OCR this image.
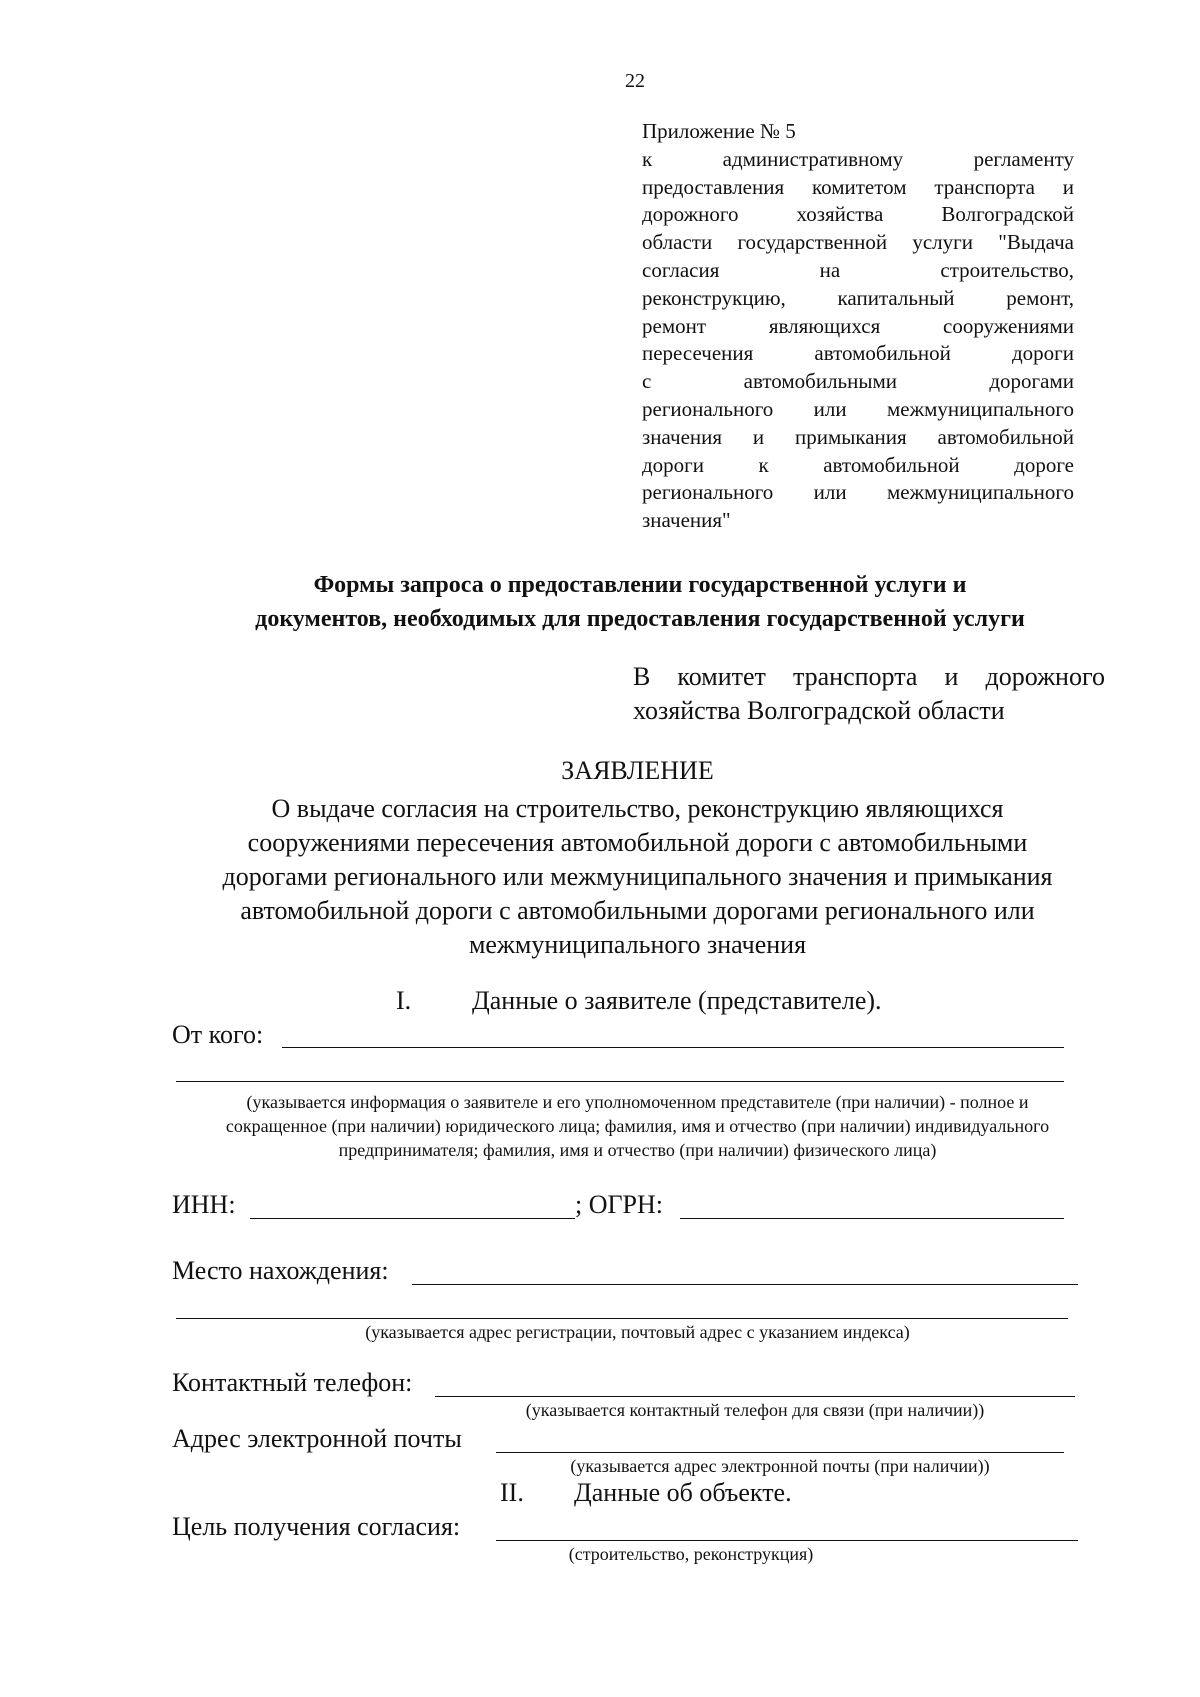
22
Приложение № 5
к административному регламенту
предоставления комитетом транспорта и
дорожного хозяйства Волгоградской
области государственной услуги "Выдача
согласия на строительство,
реконструкцию, капитальный ремонт,
ремонт являющихся сооружениями
пересечения автомобильной дороги
с автомобильными дорогами
регионального или межмуниципального
значения и примыкания автомобильной
дороги к автомобильной дороге
регионального или межмуниципального
значения"
Формы запроса о предоставлении государственной услуги и
документов, необходимых для предоставления государственной услуги
В комитет транспорта и дорожного
хозяйства Волгоградской области
ЗАЯВЛЕНИЕ
О выдаче согласия на строительство, реконструкцию являющихся
сооружениями пересечения автомобильной дороги с автомобильными
дорогами регионального или межмуниципального значения и примыкания
автомобильной дороги с автомобильными дорогами регионального или
межмуниципального значения
I. Данные о заявителе (представителе).
От кого:
(указывается информация о заявителе и его уполномоченном представителе (при наличии) - полное и
сокращенное (при наличии) юридического лица; фамилия, имя и отчество (при наличии) индивидуального
предпринимателя; фамилия, имя и отчество (при наличии) физического лица)
ИНН:	; ОГРН:
Место нахождения:
(указывается адрес регистрации, почтовый адрес с указанием индекса)
Контактный телефон:
(указывается контактный телефон для связи (при наличии))
Адрес электронной почты
(указывается адрес электронной почты (при наличии))
II. Данные об объекте.
Цель получения согласия:
(строительство, реконструкция)
